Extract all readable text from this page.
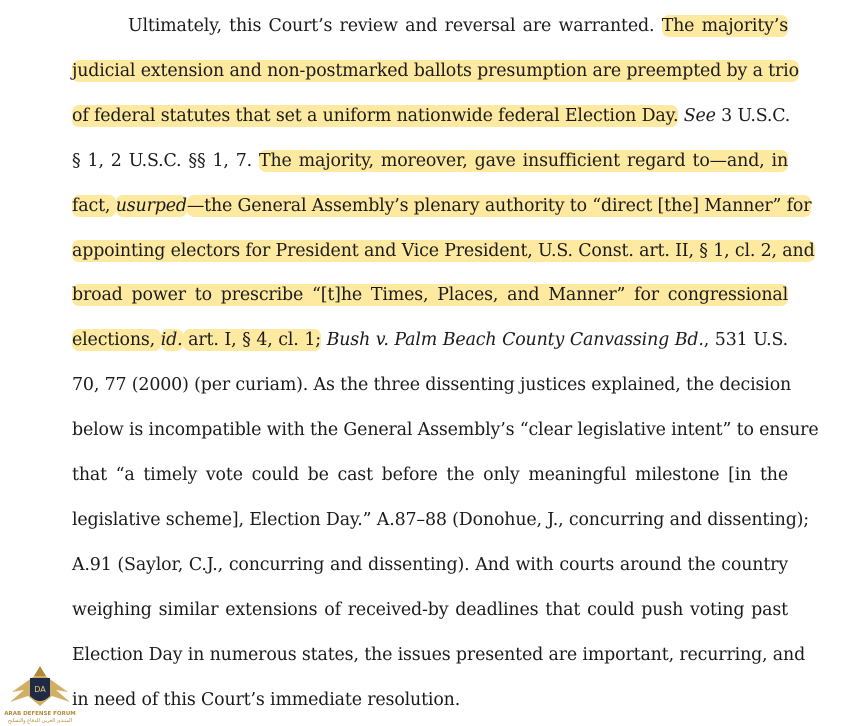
Ultimately, this Court’s review and reversal are warranted. The majority’s
judicial extension and non-postmarked ballots presumption are preempted by a trio
of federal statutes that set a uniform nationwide federal Election Day. See 3 U.S.C.
§ 1, 2 U.S.C. §§ 1, 7. The majority, moreover, gave insufficient regard to—and, in
fact, usurped—the General Assembly’s plenary authority to “direct [the] Manner” for
appointing electors for President and Vice President, U.S. Const. art. II, § 1, cl. 2, and
broad power to prescribe “[t]he Times, Places, and Manner” for congressional
elections, id. art. I, § 4, cl. 1; Bush v. Palm Beach County Canvassing Bd., 531 U.S.
70, 77 (2000) (per curiam). As the three dissenting justices explained, the decision
below is incompatible with the General Assembly’s “clear legislative intent” to ensure
that “a timely vote could be cast before the only meaningful milestone [in the
legislative scheme], Election Day.” A.87–88 (Donohue, J., concurring and dissenting);
A.91 (Saylor, C.J., concurring and dissenting). And with courts around the country
weighing similar extensions of received-by deadlines that could push voting past
Election Day in numerous states, the issues presented are important, recurring, and
in need of this Court’s immediate resolution.
DA
ARAB DEFENSE FORUM
المنتدى العربي للدفاع والتسليح
